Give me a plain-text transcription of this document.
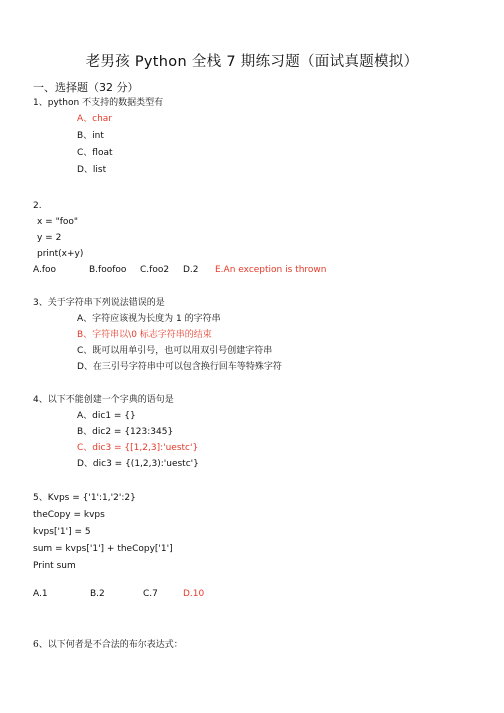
老男孩 Python 全栈 7 期练习题（面试真题模拟）
一、选择题（32 分）
1、python 不支持的数据类型有
A、char
B、int
C、float
D、list
2.
x = "foo"
y = 2
print(x+y)
A.foo	B.foofoo C.foo2 D.2 E.An exception is thrown
3、关于字符串下列说法错误的是
A、字符应该视为长度为 1 的字符串
B、字符串以\0 标志字符串的结束
C、既可以用单引号，也可以用双引号创建字符串
D、在三引号字符串中可以包含换行回车等特殊字符
4、以下不能创建一个字典的语句是
A、dic1 = {}
B、dic2 = {123:345}
C、dic3 = {[1,2,3]:'uestc'}
D、dic3 = {(1,2,3):'uestc'}
5、Kvps = {'1':1,'2':2}
theCopy = kvps
kvps['1'] = 5
sum = kvps['1'] + theCopy['1']
Print sum
A.1	B.2	C.7	D.10
6、以下何者是不合法的布尔表达式：
